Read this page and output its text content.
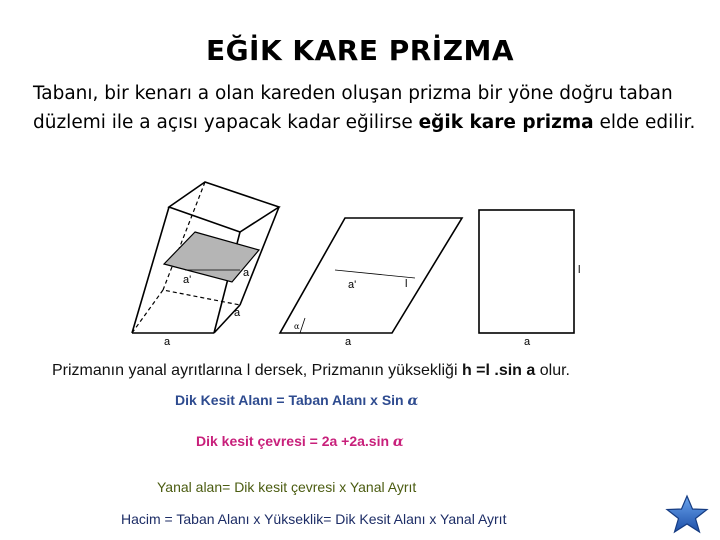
EĞİK KARE PRİZMA
Tabanı, bir kenarı a olan kareden oluşan prizma bir yöne doğru taban düzlemi ile a açısı yapacak kadar eğilirse eğik kare prizma elde edilir.
a'
a
a
a
a'	l
α
a
l
a
Prizmanın yanal ayrıtlarına l dersek, Prizmanın yüksekliği h =l .sin a olur.
Dik Kesit Alanı = Taban Alanı x Sin α
Dik kesit çevresi = 2a +2a.sin α
Yanal alan= Dik kesit çevresi x Yanal Ayrıt
Hacim = Taban Alanı x Yükseklik= Dik Kesit Alanı x Yanal Ayrıt
